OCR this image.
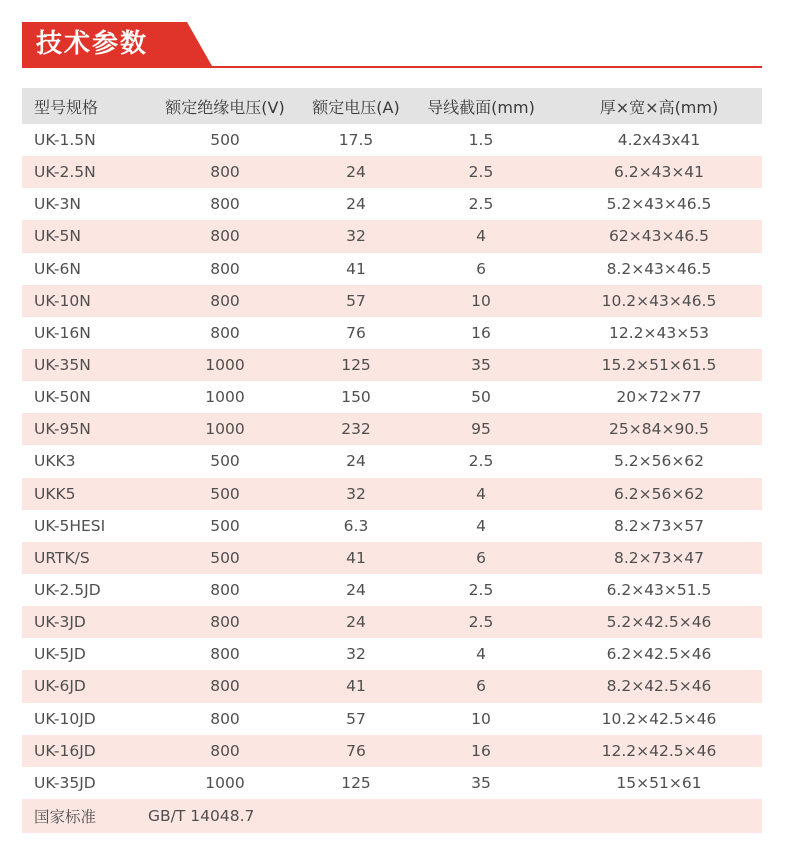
技术参数
型号规格	额定绝缘电压(V)	额定电压(A)	导线截面(mm)	厚×宽×高(mm)
UK-1.5N	500	17.5	1.5	4.2x43x41
UK-2.5N	800	24	2.5	6.2×43×41
UK-3N	800	24	2.5	5.2×43×46.5
UK-5N	800	32	4	62×43×46.5
UK-6N	800	41	6	8.2×43×46.5
UK-10N	800	57	10	10.2×43×46.5
UK-16N	800	76	16	12.2×43×53
UK-35N	1000	125	35	15.2×51×61.5
UK-50N	1000	150	50	20×72×77
UK-95N	1000	232	95	25×84×90.5
UKK3	500	24	2.5	5.2×56×62
UKK5	500	32	4	6.2×56×62
UK-5HESI	500	6.3	4	8.2×73×57
URTK/S	500	41	6	8.2×73×47
UK-2.5JD	800	24	2.5	6.2×43×51.5
UK-3JD	800	24	2.5	5.2×42.5×46
UK-5JD	800	32	4	6.2×42.5×46
UK-6JD	800	41	6	8.2×42.5×46
UK-10JD	800	57	10	10.2×42.5×46
UK-16JD	800	76	16	12.2×42.5×46
UK-35JD	1000	125	35	15×51×61
国家标准	GB/T 14048.7			
